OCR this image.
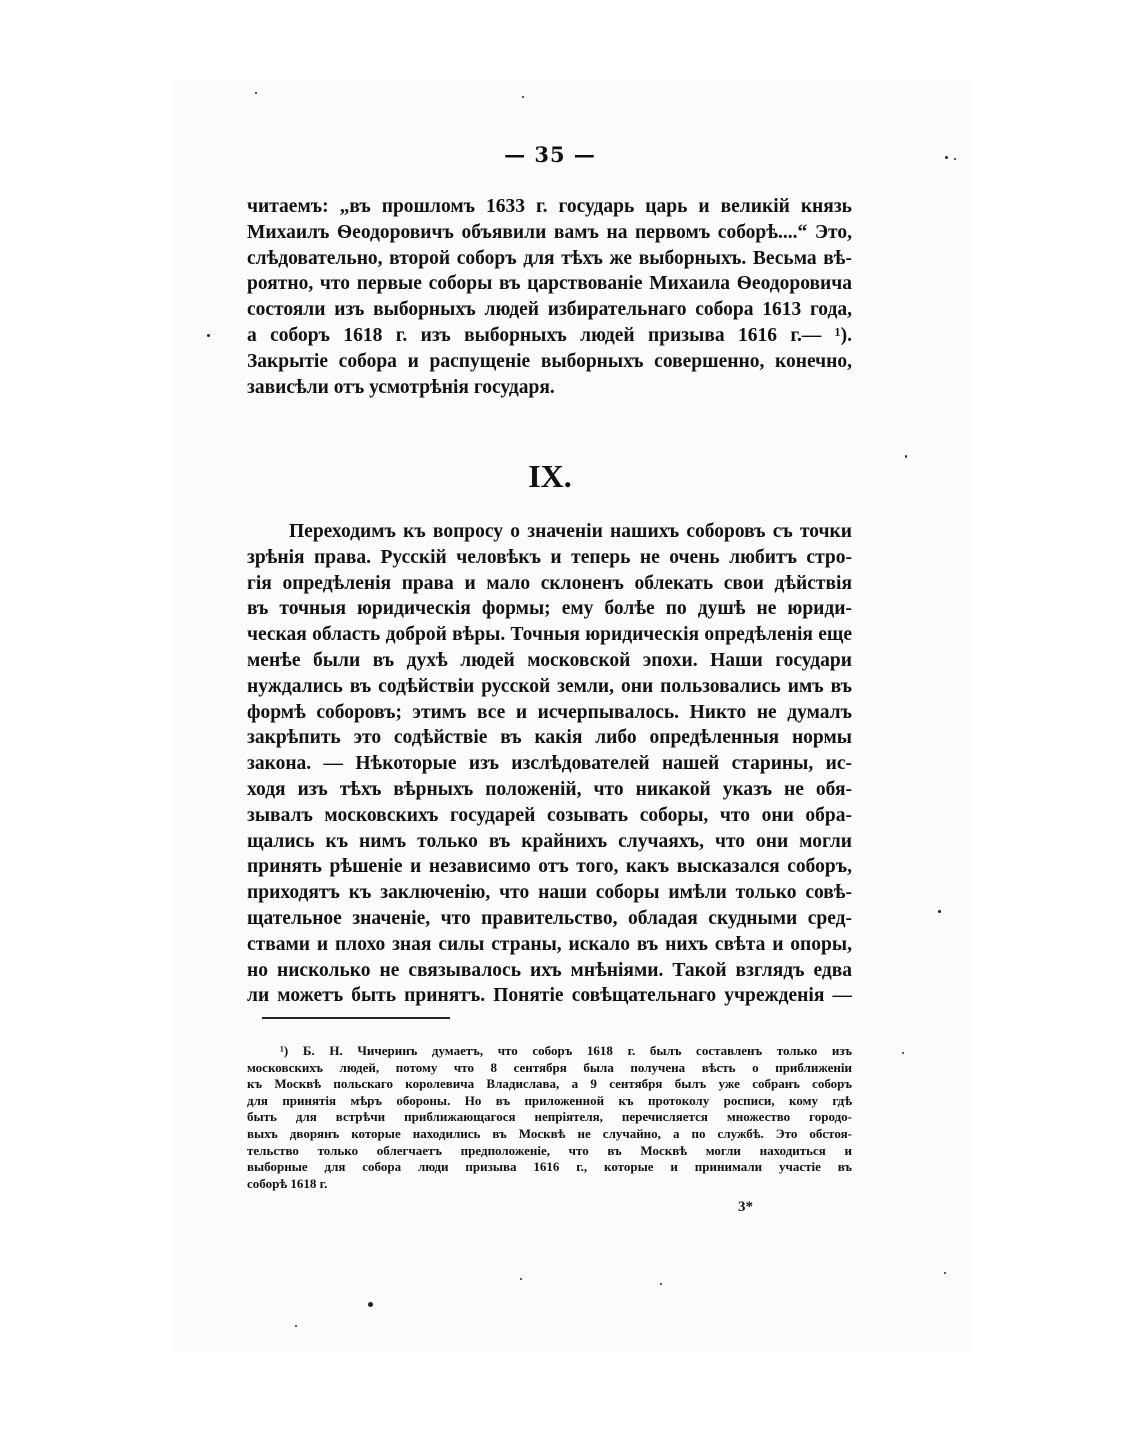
— 35 —
читаемъ: „въ прошломъ 1633 г. государь царь и великій князь
Михаилъ Ѳеодоровичъ объявили вамъ на первомъ соборѣ....“ Это,
слѣдовательно, второй соборъ для тѣхъ же выборныхъ. Весьма вѣ-
роятно, что первые соборы въ царствованіе Михаила Ѳеодоровича
состояли изъ выборныхъ людей избирательнаго собора 1613 года,
а соборъ 1618 г. изъ выборныхъ людей призыва 1616 г.— ¹).
Закрытіе собора и распущеніе выборныхъ совершенно, конечно,
зависѣли отъ усмотрѣнія государя.
IX.
Переходимъ къ вопросу о значеніи нашихъ соборовъ съ точки
зрѣнія права. Русскій человѣкъ и теперь не очень любитъ стро-
гія опредѣленія права и мало склоненъ облекать свои дѣйствія
въ точныя юридическія формы; ему болѣе по душѣ не юриди-
ческая область доброй вѣры. Точныя юридическія опредѣленія еще
менѣе были въ духѣ людей московской эпохи. Наши государи
нуждались въ содѣйствіи русской земли, они пользовались имъ въ
формѣ соборовъ; этимъ все и исчерпывалось. Никто не думалъ
закрѣпить это содѣйствіе въ какія либо опредѣленныя нормы
закона. — Нѣкоторые изъ изслѣдователей нашей старины, ис-
ходя изъ тѣхъ вѣрныхъ положеній, что никакой указъ не обя-
зывалъ московскихъ государей созывать соборы, что они обра-
щались къ нимъ только въ крайнихъ случаяхъ, что они могли
принять рѣшеніе и независимо отъ того, какъ высказался соборъ,
приходятъ къ заключенію, что наши соборы имѣли только совѣ-
щательное значеніе, что правительство, обладая скудными сред-
ствами и плохо зная силы страны, искало въ нихъ свѣта и опоры,
но нисколько не связывалось ихъ мнѣніями. Такой взглядъ едва
ли можетъ быть принятъ. Понятіе совѣщательнаго учрежденія —
¹) Б. Н. Чичеринъ думаетъ, что соборъ 1618 г. былъ составленъ только изъ
московскихъ людей, потому что 8 сентября была получена вѣсть о приближеніи
къ Москвѣ польскаго королевича Владислава, а 9 сентября былъ уже собранъ соборъ
для принятія мѣръ обороны. Но въ приложенной къ протоколу росписи, кому гдѣ
быть для встрѣчи приближающагося непріятеля, перечисляется множество городо-
выхъ дворянъ которые находились въ Москвѣ не случайно, а по службѣ. Это обстоя-
тельство только облегчаетъ предположеніе, что въ Москвѣ могли находиться и
выборные для собора люди призыва 1616 г., которые и принимали участіе въ
соборѣ 1618 г.
3*
